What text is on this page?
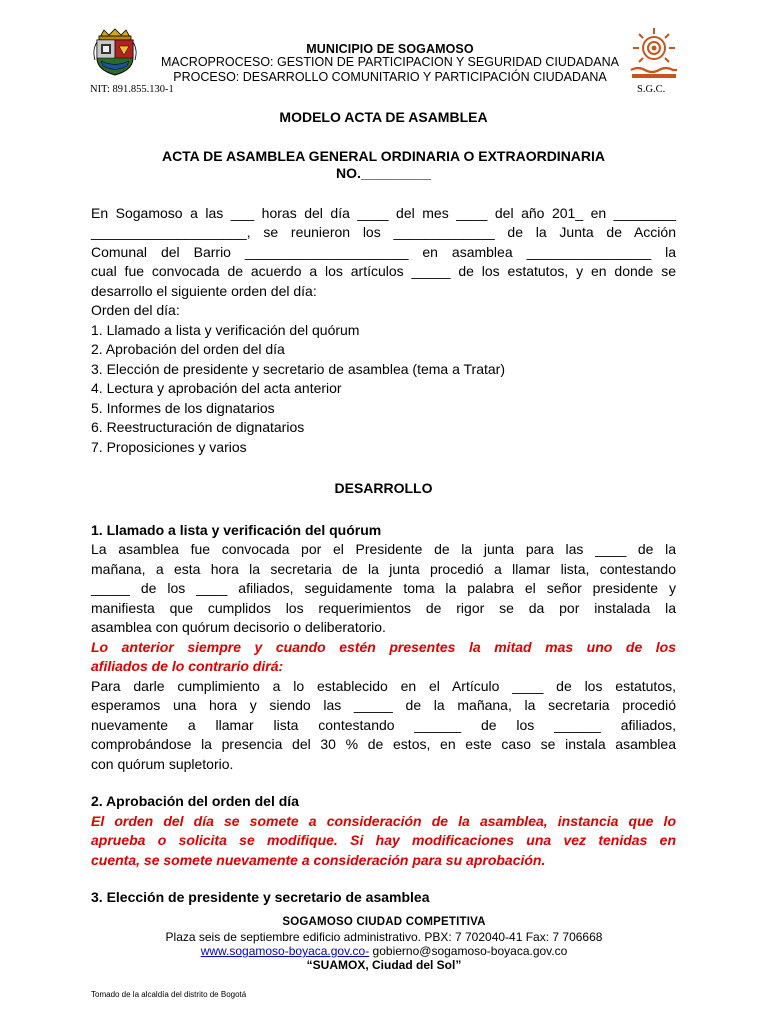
MUNICIPIO DE SOGAMOSO
MACROPROCESO: GESTION DE PARTICIPACION Y SEGURIDAD CIUDADANA
PROCESO: DESARROLLO COMUNITARIO Y PARTICIPACIÓN CIUDADANA
NIT: 891.855.130-1	S.G.C.
MODELO ACTA DE ASAMBLEA
ACTA DE ASAMBLEA GENERAL ORDINARIA O EXTRAORDINARIA
NO._________
En Sogamoso a las ___ horas del día ____ del mes ____ del año 201_ en ________
____________________, se reunieron los _____________ de la Junta de Acción
Comunal del Barrio _____________________ en asamblea ________________ la
cual fue convocada de acuerdo a los artículos _____ de los estatutos, y en donde se
desarrollo el siguiente orden del día:
Orden del día:
1. Llamado a lista y verificación del quórum
2. Aprobación del orden del día
3. Elección de presidente y secretario de asamblea (tema a Tratar)
4. Lectura y aprobación del acta anterior
5. Informes de los dignatarios
6. Reestructuración de dignatarios
7. Proposiciones y varios
DESARROLLO
1. Llamado a lista y verificación del quórum
La asamblea fue convocada por el Presidente de la junta para las ____ de la
mañana, a esta hora la secretaria de la junta procedió a llamar lista, contestando
_____ de los ____ afiliados, seguidamente toma la palabra el señor presidente y
manifiesta que cumplidos los requerimientos de rigor se da por instalada la
asamblea con quórum decisorio o deliberatorio.
Lo anterior siempre y cuando estén presentes la mitad mas uno de los
afiliados de lo contrario dirá:
Para darle cumplimiento a lo establecido en el Artículo ____ de los estatutos,
esperamos una hora y siendo las _____ de la mañana, la secretaria procedió
nuevamente a llamar lista contestando ______ de los ______ afiliados,
comprobándose la presencia del 30 % de estos, en este caso se instala asamblea
con quórum supletorio.
2. Aprobación del orden del día
El orden del día se somete a consideración de la asamblea, instancia que lo
aprueba o solicita se modifique. Si hay modificaciones una vez tenidas en
cuenta, se somete nuevamente a consideración para su aprobación.
3. Elección de presidente y secretario de asamblea
SOGAMOSO CIUDAD COMPETITIVA
Plaza seis de septiembre edificio administrativo. PBX: 7 702040-41 Fax: 7 706668
www.sogamoso-boyaca.gov.co- gobierno@sogamoso-boyaca.gov.co
“SUAMOX, Ciudad del Sol”
Tomado de la alcaldía del distrito de Bogotá
